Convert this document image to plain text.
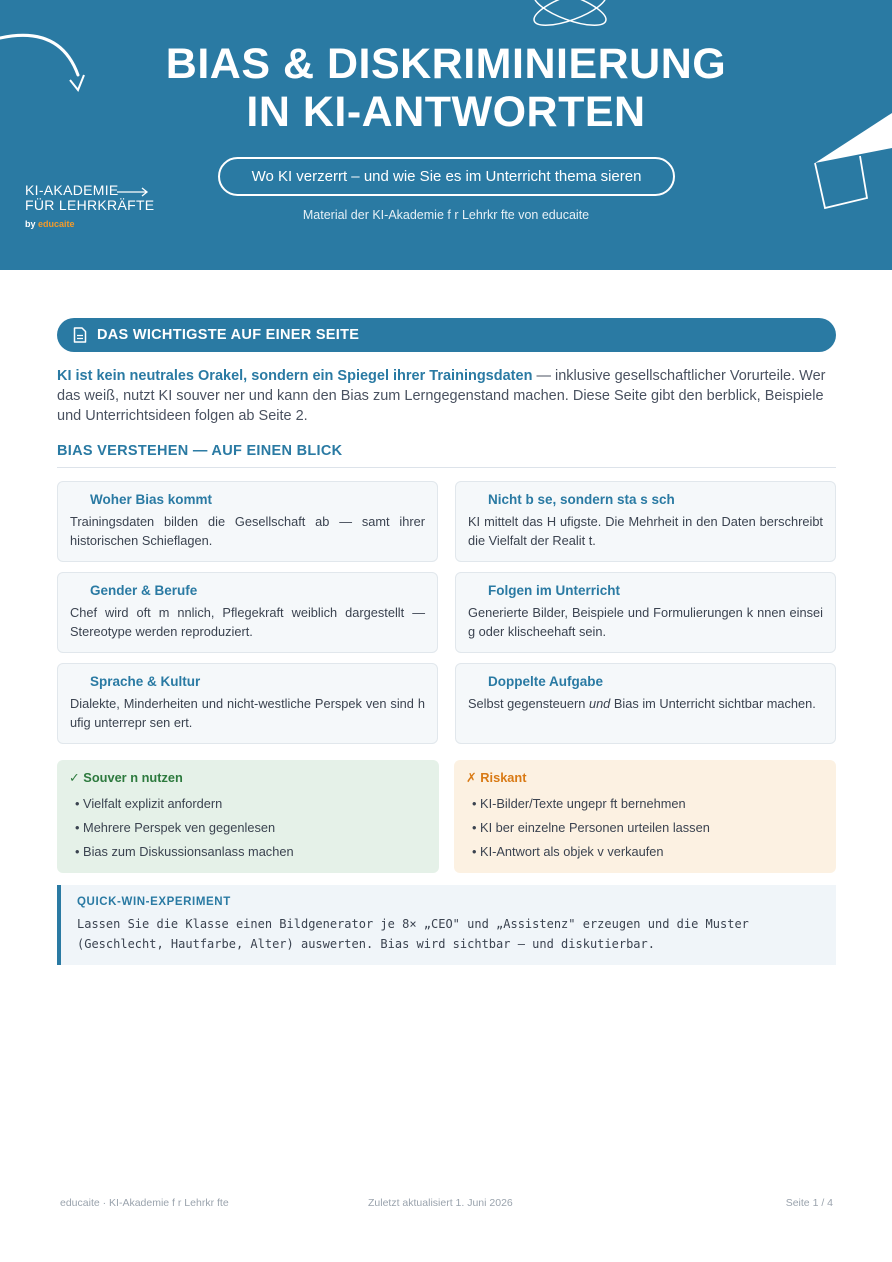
BIAS & DISKRIMINIERUNG
IN KI-ANTWORTEN
Wo KI verzerrt – und wie Sie es im Unterricht thema sieren
Material der KI-Akademie f r Lehrkr fte von educaite
KI-AKADEMIE
FÜR LEHRKRÄFTE
by educaite
DAS WICHTIGSTE AUF EINER SEITE

KI ist kein neutrales Orakel, sondern ein Spiegel ihrer Trainingsdaten — inklusive gesellschaftlicher Vorurteile. Wer das weiß, nutzt KI souver ner und kann den Bias zum Lerngegenstand machen. Diese Seite gibt den berblick, Beispiele und Unterrichtsideen folgen ab Seite 2.

BIAS VERSTEHEN — AUF EINEN BLICK
Woher Bias kommt
Trainingsdaten bilden die Gesellschaft ab — samt ihrer historischen Schieflagen.
Nicht b se, sondern sta s sch
KI mittelt das H ufigste. Die Mehrheit in den Daten berschreibt die Vielfalt der Realit t.
Gender & Berufe
Chef wird oft m nnlich, Pflegekraft weiblich dargestellt — Stereotype werden reproduziert.
Folgen im Unterricht
Generierte Bilder, Beispiele und Formulierungen k nnen einsei g oder klischeehaft sein.
Sprache & Kultur
Dialekte, Minderheiten und nicht-westliche Perspek ven sind h ufig unterrepr sen ert.
Doppelte Aufgabe
Selbst gegensteuern und Bias im Unterricht sichtbar machen.
✓ Souver n nutzen
• Vielfalt explizit anfordern
• Mehrere Perspek ven gegenlesen
• Bias zum Diskussionsanlass machen
✗ Riskant
• KI-Bilder/Texte ungepr ft bernehmen
• KI ber einzelne Personen urteilen lassen
• KI-Antwort als objek v verkaufen
QUICK-WIN-EXPERIMENT
Lassen Sie die Klasse einen Bildgenerator je 8× „CEO" und „Assistenz" erzeugen und die Muster
(Geschlecht, Hautfarbe, Alter) auswerten. Bias wird sichtbar — und diskutierbar.
educaite · KI-Akademie f r Lehrkr fte	Zuletzt aktualisiert 1. Juni 2026	Seite 1 / 4
